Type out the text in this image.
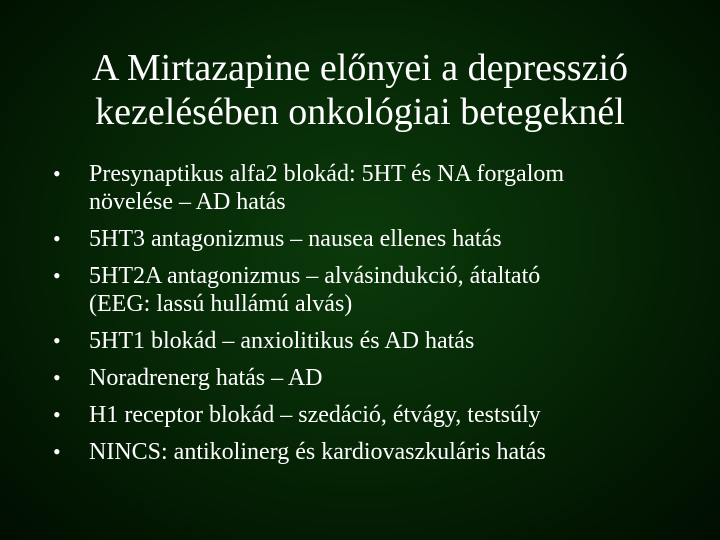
A Mirtazapine előnyei a depresszió
kezelésében onkológiai betegeknél
• Presynaptikus alfa2 blokád: 5HT és NA forgalom
növelése – AD hatás
• 5HT3 antagonizmus – nausea ellenes hatás
• 5HT2A antagonizmus – alvásindukció, átaltató
(EEG: lassú hullámú alvás)
• 5HT1 blokád – anxiolitikus és AD hatás
• Noradrenerg hatás – AD
• H1 receptor blokád – szedáció, étvágy, testsúly
• NINCS: antikolinerg és kardiovaszkuláris hatás
